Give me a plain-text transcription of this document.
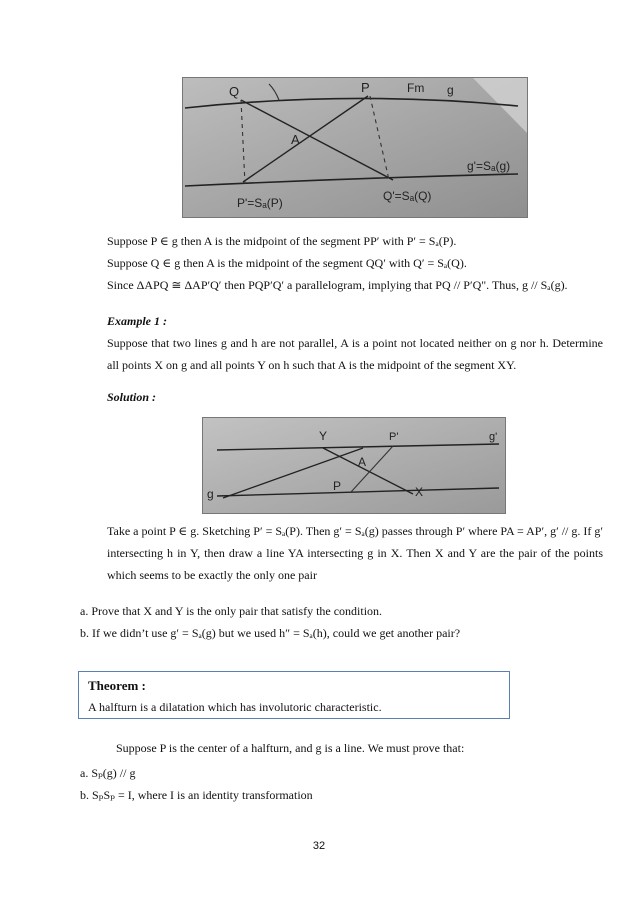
Q	P	Fm g
A
g'=Sₐ(g)
P'=Sₐ(P)	Q'=Sₐ(Q)

Suppose P ∈ g then A is the midpoint of the segment PP′ with P′ = Sₐ(P).

Suppose Q ∈ g then A is the midpoint of the segment QQ′ with Q′ = Sₐ(Q).

Since ΔAPQ ≅ ΔAP′Q′ then PQP′Q′ a parallelogram, implying that PQ // P′Q". Thus, g // Sₐ(g).

Example 1 :
Suppose that two lines g and h are not parallel, A is a point not located neither on g nor h. Determine all points X on g and all points Y on h such that A is the midpoint of the segment XY.
Solution :
Y	P'	g'
A
P	X
g
Take a point P ∈ g. Sketching P′ = Sₐ(P). Then g′ = Sₐ(g) passes through P′ where PA = AP′, g′ // g. If g′ intersecting h in Y, then draw a line YA intersecting g in X. Then X and Y are the pair of the points which seems to be exactly the only one pair

a. Prove that X and Y is the only pair that satisfy the condition.

b. If we didn’t use g′ = Sₐ(g) but we used h″ = Sₐ(h), could we get another pair?

Theorem :

A halfturn is a dilatation which has involutoric characteristic.

Suppose P is the center of a halfturn, and g is a line. We must prove that:

a. Sₚ(g) // g

b. SₚSₚ = I, where I is an identity transformation

32
